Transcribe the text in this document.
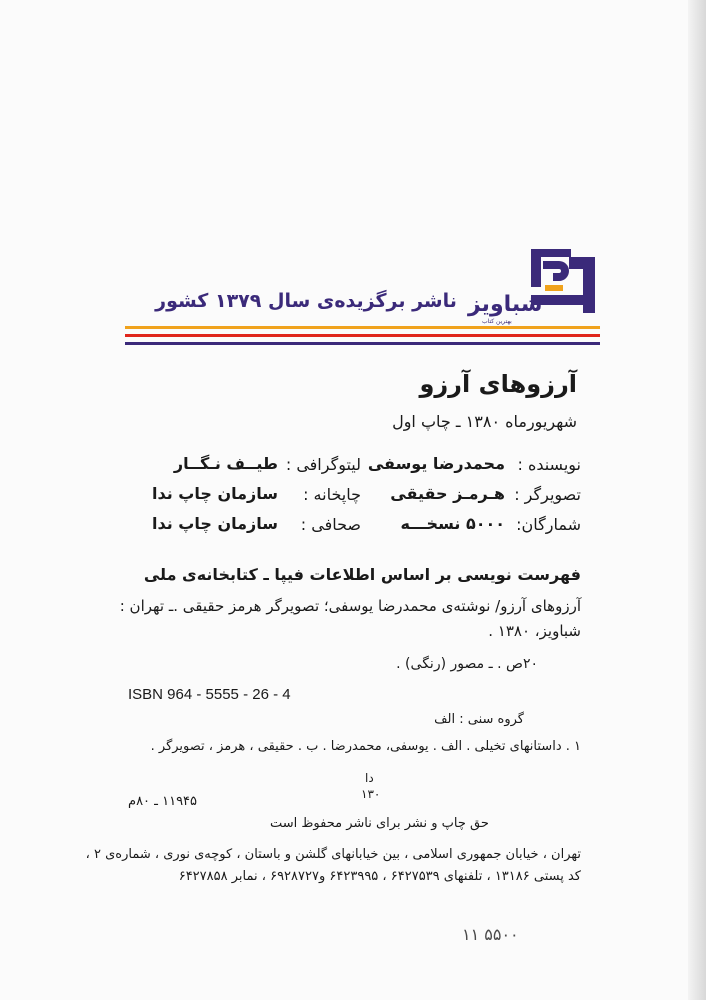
شباویز
بهترین کتاب
ناشر برگزیده‌ی سال ۱۳۷۹ کشور
آرزوهای آرزو
شهریورماه ۱۳۸۰ ـ چاپ اول
نویسنده :
محمدرضا یوسفی
تصویرگر :
هـرمـز حقیقی
شمارگان:
۵۰۰۰ نسخـــه
لیتوگرافی :
طیــف نـگــار
چاپخانه :
سازمان چاپ ندا
صحافی :
سازمان چاپ ندا
فهرست نویسی بر اساس اطلاعات فیپا ـ کتابخانه‌ی ملی
آرزوهای آرزو/ نوشته‌ی محمدرضا یوسفی؛ تصویرگر هرمز حقیقی .ـ تهران :
شباویز، ۱۳۸۰ .
۲۰ص . ـ مصور (رنگی) .
ISBN 964 - 5555 - 26 - 4
گروه سنی : الف
۱ . داستانهای تخیلی . الف . یوسفی، محمدرضا . ب . حقیقی ، هرمز ، تصویرگر .
دا
۱۳۰
۱۱۹۴۵ ـ ۸۰م
حق چاپ و نشر برای ناشر محفوظ است
تهران ، خیابان جمهوری اسلامی ، بین خیابانهای گلشن و باستان ، کوچه‌ی نوری ، شماره‌ی ۲ ،
کد پستی ۱۳۱۸۶ ، تلفنهای ۶۴۲۷۵۳۹ ، ۶۴۲۳۹۹۵ و۶۹۲۸۷۲۷ ، نمابر ۶۴۲۷۸۵۸
۱۱ ۵۵۰۰
